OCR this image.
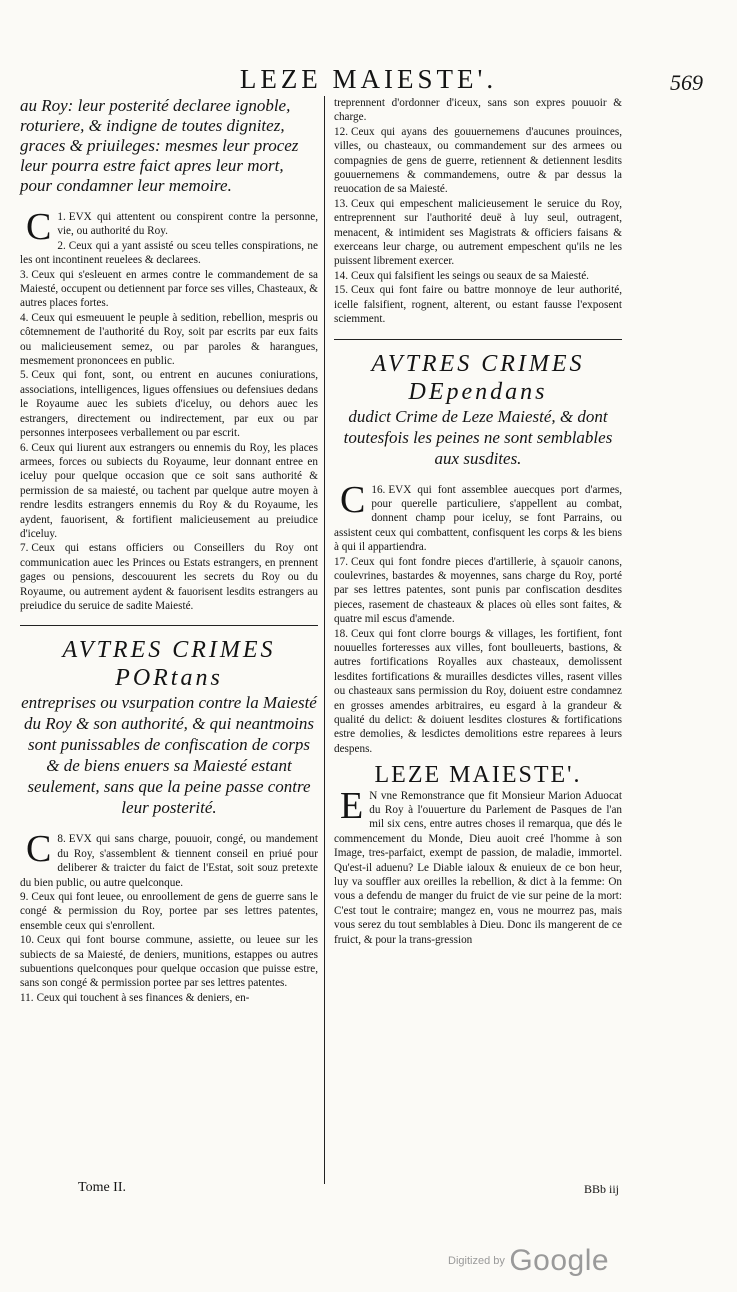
LEZE MAIESTE'.	569

au Roy: leur posterité declaree ignoble, roturiere, & indigne de toutes dignitez, graces & priuileges: mesmes leur procez leur pourra estre faict apres leur mort, pour condamner leur memoire.

1.
C EVX qui attentent ou conspirent contre la personne, vie, ou authorité du Roy.

2. Ceux qui a yant assisté ou sceu telles conspirations, ne les ont incontinent reuelees & declarees.

3. Ceux qui s'esleuent en armes contre le commandement de sa Maiesté, occupent ou detiennent par force ses villes, Chasteaux, & autres places fortes.

4. Ceux qui esmeuuent le peuple à sedition, rebellion, mespris ou côtemnement de l'authorité du Roy, soit par escrits par eux faits ou malicieusement semez, ou par paroles & harangues, mesmement prononcees en public.

5. Ceux qui font, sont, ou entrent en aucunes coniurations, associations, intelligences, ligues offensiues ou defensiues dedans le Royaume auec les subiets d'iceluy, ou dehors auec les estrangers, directement ou indirectement, par eux ou par personnes interposees verballement ou par escrit.

6. Ceux qui liurent aux estrangers ou ennemis du Roy, les places armees, forces ou subiects du Royaume, leur donnant entree en iceluy pour quelque occasion que ce soit sans authorité & permission de sa maiesté, ou tachent par quelque autre moyen à rendre lesdits estrangers ennemis du Roy & du Royaume, les aydent, fauorisent, & fortifient malicieusement au preiudice d'iceluy.

7. Ceux qui estans officiers ou Conseillers du Roy ont communication auec les Princes ou Estats estrangers, en prennent gages ou pensions, descouurent les secrets du Roy ou du Royaume, ou autrement aydent & fauorisent lesdits estrangers au preiudice du seruice de sadite Maiesté.

AVTRES CRIMES PORtans
entreprises ou vsurpation contre la Maiesté du Roy & son authorité, & qui neantmoins sont punissables de confiscation de corps & de biens enuers sa Maiesté estant seulement, sans que la peine passe contre leur posterité.

8.
C EVX qui sans charge, pouuoir, congé, ou mandement du Roy, s'assemblent & tiennent conseil en priué pour deliberer & traicter du faict de l'Estat, soit souz pretexte du bien public, ou autre quelconque.

9. Ceux qui font leuee, ou enroollement de gens de guerre sans le congé & permission du Roy, portee par ses lettres patentes, ensemble ceux qui s'enrollent.

10. Ceux qui font bourse commune, assiette, ou leuee sur les subiects de sa Maiesté, de deniers, munitions, estappes ou autres subuentions quelconques pour quelque occasion que puisse estre, sans son congé & permission portee par ses lettres patentes.

11. Ceux qui touchent à ses finances & deniers, en-

treprennent d'ordonner d'iceux, sans son expres pouuoir & charge.

12. Ceux qui ayans des gouuernemens d'aucunes prouinces, villes, ou chasteaux, ou commandement sur des armees ou compagnies de gens de guerre, retiennent & detiennent lesdits gouuernemens & commandemens, outre & par dessus la reuocation de sa Maiesté.

13. Ceux qui empeschent malicieusement le seruice du Roy, entreprennent sur l'authorité deuë à luy seul, outragent, menacent, & intimident ses Magistrats & officiers faisans & exerceans leur charge, ou autrement empeschent qu'ils ne les puissent librement exercer.

14. Ceux qui falsifient les seings ou seaux de sa Maiesté.

15. Ceux qui font faire ou battre monnoye de leur authorité, icelle falsifient, rognent, alterent, ou estant fausse l'exposent sciemment.

AVTRES CRIMES DEpendans
dudict Crime de Leze Maiesté, & dont toutesfois les peines ne sont semblables aux susdites.

16.
C EVX qui font assemblee auecques port d'armes, pour querelle particuliere, s'appellent au combat, donnent champ pour iceluy, se font Parrains, ou assistent ceux qui combattent, confisquent les corps & les biens à qui il appartiendra.

17. Ceux qui font fondre pieces d'artillerie, à sçauoir canons, coulevrines, bastardes & moyennes, sans charge du Roy, porté par ses lettres patentes, sont punis par confiscation desdites pieces, rasement de chasteaux & places où elles sont faites, & quatre mil escus d'amende.

18. Ceux qui font clorre bourgs & villages, les fortifient, font nouuelles forteresses aux villes, font boulleuerts, bastions, & autres fortifications Royalles aux chasteaux, demolissent lesdites fortifications & murailles desdictes villes, rasent villes ou chasteaux sans permission du Roy, doiuent estre condamnez en grosses amendes arbitraires, eu esgard à la grandeur & qualité du delict: & doiuent lesdites clostures & fortifications estre demolies, & lesdictes demolitions estre reparees à leurs despens.

LEZE MAIESTE'.

E N vne Remonstrance que fit Monsieur Marion Aduocat du Roy à l'ouuerture du Parlement de Pasques de l'an mil six cens, entre autres choses il remarqua, que dés le commencement du Monde, Dieu auoit creé l'homme à son Image, tres-parfaict, exempt de passion, de maladie, immortel. Qu'est-il aduenu? Le Diable ialoux & enuieux de ce bon heur, luy va souffler aux oreilles la rebellion, & dict à la femme: On vous a defendu de manger du fruict de vie sur peine de la mort: C'est tout le contraire; mangez en, vous ne mourrez pas, mais vous serez du tout semblables à Dieu. Donc ils mangerent de ce fruict, & pour la trans-gression

Tome II.	BBb iij
Digitized by Google
